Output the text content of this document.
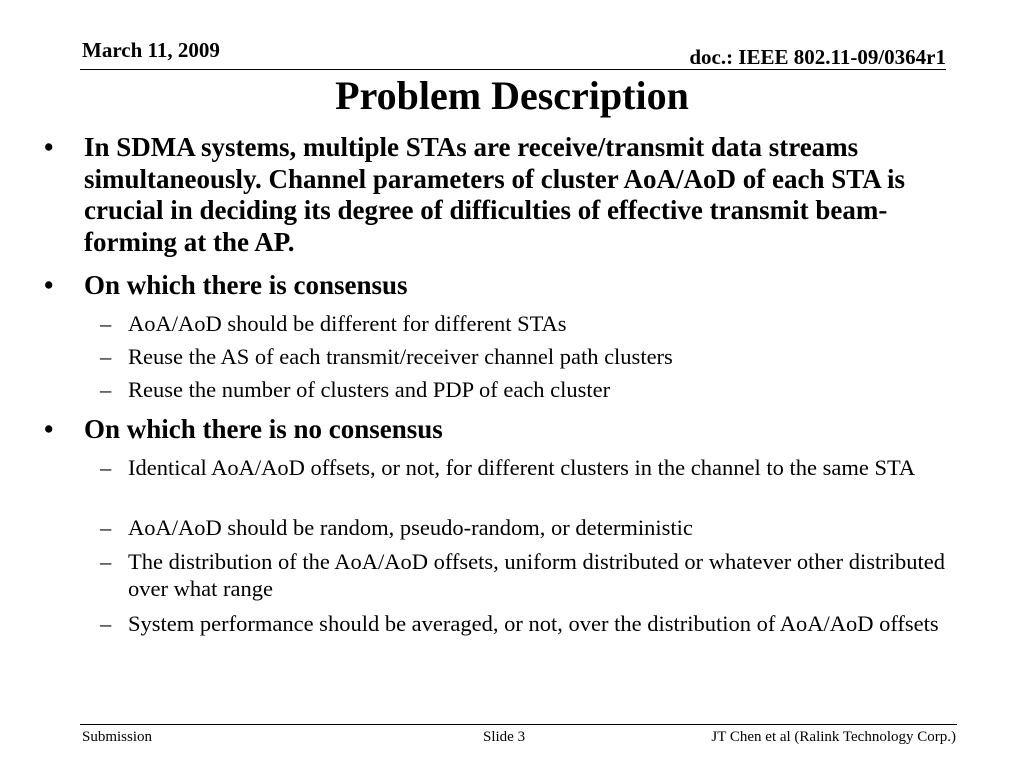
March 11, 2009	doc.: IEEE 802.11-09/0364r1
Problem Description
• In SDMA systems, multiple STAs are receive/transmit data streams simultaneously. Channel parameters of cluster AoA/AoD of each STA is crucial in deciding its degree of difficulties of effective transmit beam-forming at the AP.
• On which there is consensus
– AoA/AoD should be different for different STAs
– Reuse the AS of each transmit/receiver channel path clusters
– Reuse the number of clusters and PDP of each cluster
• On which there is no consensus
– Identical AoA/AoD offsets, or not, for different clusters in the channel to the same STA
– AoA/AoD should be random, pseudo-random, or deterministic
– The distribution of the AoA/AoD offsets, uniform distributed or whatever other distributed over what range
– System performance should be averaged, or not, over the distribution of AoA/AoD offsets
Submission	Slide 3	JT Chen et al (Ralink Technology Corp.)
